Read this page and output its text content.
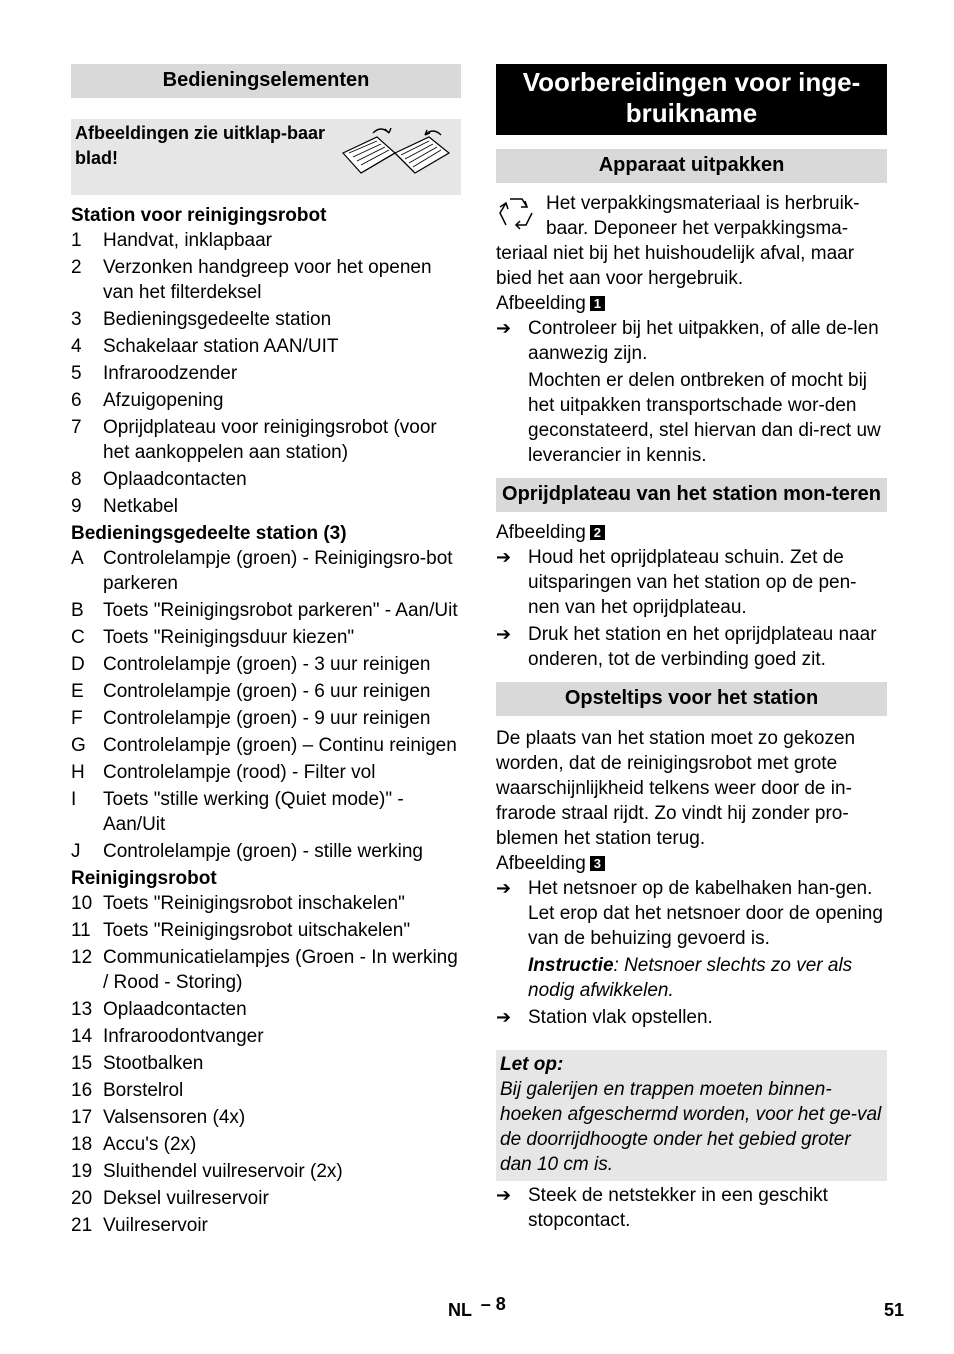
Bedieningselementen
Afbeeldingen zie uitklap-baar blad!
Station voor reinigingsrobot
1	Handvat, inklapbaar
2	Verzonken handgreep voor het openen van het filterdeksel
3	Bedieningsgedeelte station
4	Schakelaar station AAN/UIT
5	Infraroodzender
6	Afzuigopening
7	Oprijdplateau voor reinigingsrobot (voor het aankoppelen aan station)
8	Oplaadcontacten
9	Netkabel
Bedieningsgedeelte station (3)
A	Controlelampje (groen) - Reinigingsro-bot parkeren
B	Toets "Reinigingsrobot parkeren" - Aan/Uit
C Toets "Reinigingsduur kiezen"
D Controlelampje (groen) - 3 uur reinigen
E	Controlelampje (groen) - 6 uur reinigen
F	Controlelampje (groen) - 9 uur reinigen
G Controlelampje (groen) – Continu reinigen
H Controlelampje (rood) - Filter vol
I	Toets "stille werking (Quiet mode)" - Aan/Uit
J	Controlelampje (groen) - stille werking
Reinigingsrobot
10 Toets "Reinigingsrobot inschakelen"
11 Toets "Reinigingsrobot uitschakelen"
12 Communicatielampjes (Groen - In werking / Rood - Storing)
13 Oplaadcontacten
14 Infraroodontvanger
15 Stootbalken
16 Borstelrol
17 Valsensoren (4x)
18 Accu's (2x)
19 Sluithendel vuilreservoir (2x)
20 Deksel vuilreservoir
21 Vuilreservoir
Voorbereidingen voor inge-bruikname
Apparaat uitpakken

Het verpakkingsmateriaal is herbruik-baar. Deponeer het verpakkingsma-teriaal niet bij het huishoudelijk afval, maar bied het aan voor hergebruik.

Afbeelding 1

➔ Controleer bij het uitpakken, of alle de-len aanwezig zijn.

Mochten er delen ontbreken of mocht bij het uitpakken transportschade wor-den geconstateerd, stel hiervan dan di-rect uw leverancier in kennis.

Oprijdplateau van het station mon-teren

Afbeelding 2

➔ Houd het oprijdplateau schuin. Zet de uitsparingen van het station op de pen-nen van het oprijdplateau.
➔ Druk het station en het oprijdplateau naar onderen, tot de verbinding goed zit.
Opsteltips voor het station

De plaats van het station moet zo gekozen worden, dat de reinigingsrobot met grote waarschijnlijkheid telkens weer door de in-frarode straal rijdt. Zo vindt hij zonder pro-blemen het station terug.

Afbeelding 3

➔ Het netsnoer op de kabelhaken han-gen. Let erop dat het netsnoer door de opening van de behuizing gevoerd is.

Instructie: Netsnoer slechts zo ver als nodig afwikkelen.

➔ Station vlak opstellen.
Let op:
Bij galerijen en trappen moeten binnen-hoeken afgeschermd worden, voor het ge-val de doorrijdhoogte onder het gebied groter dan 10 cm is.
➔ Steek de netstekker in een geschikt stopcontact.
NL – 8	51
